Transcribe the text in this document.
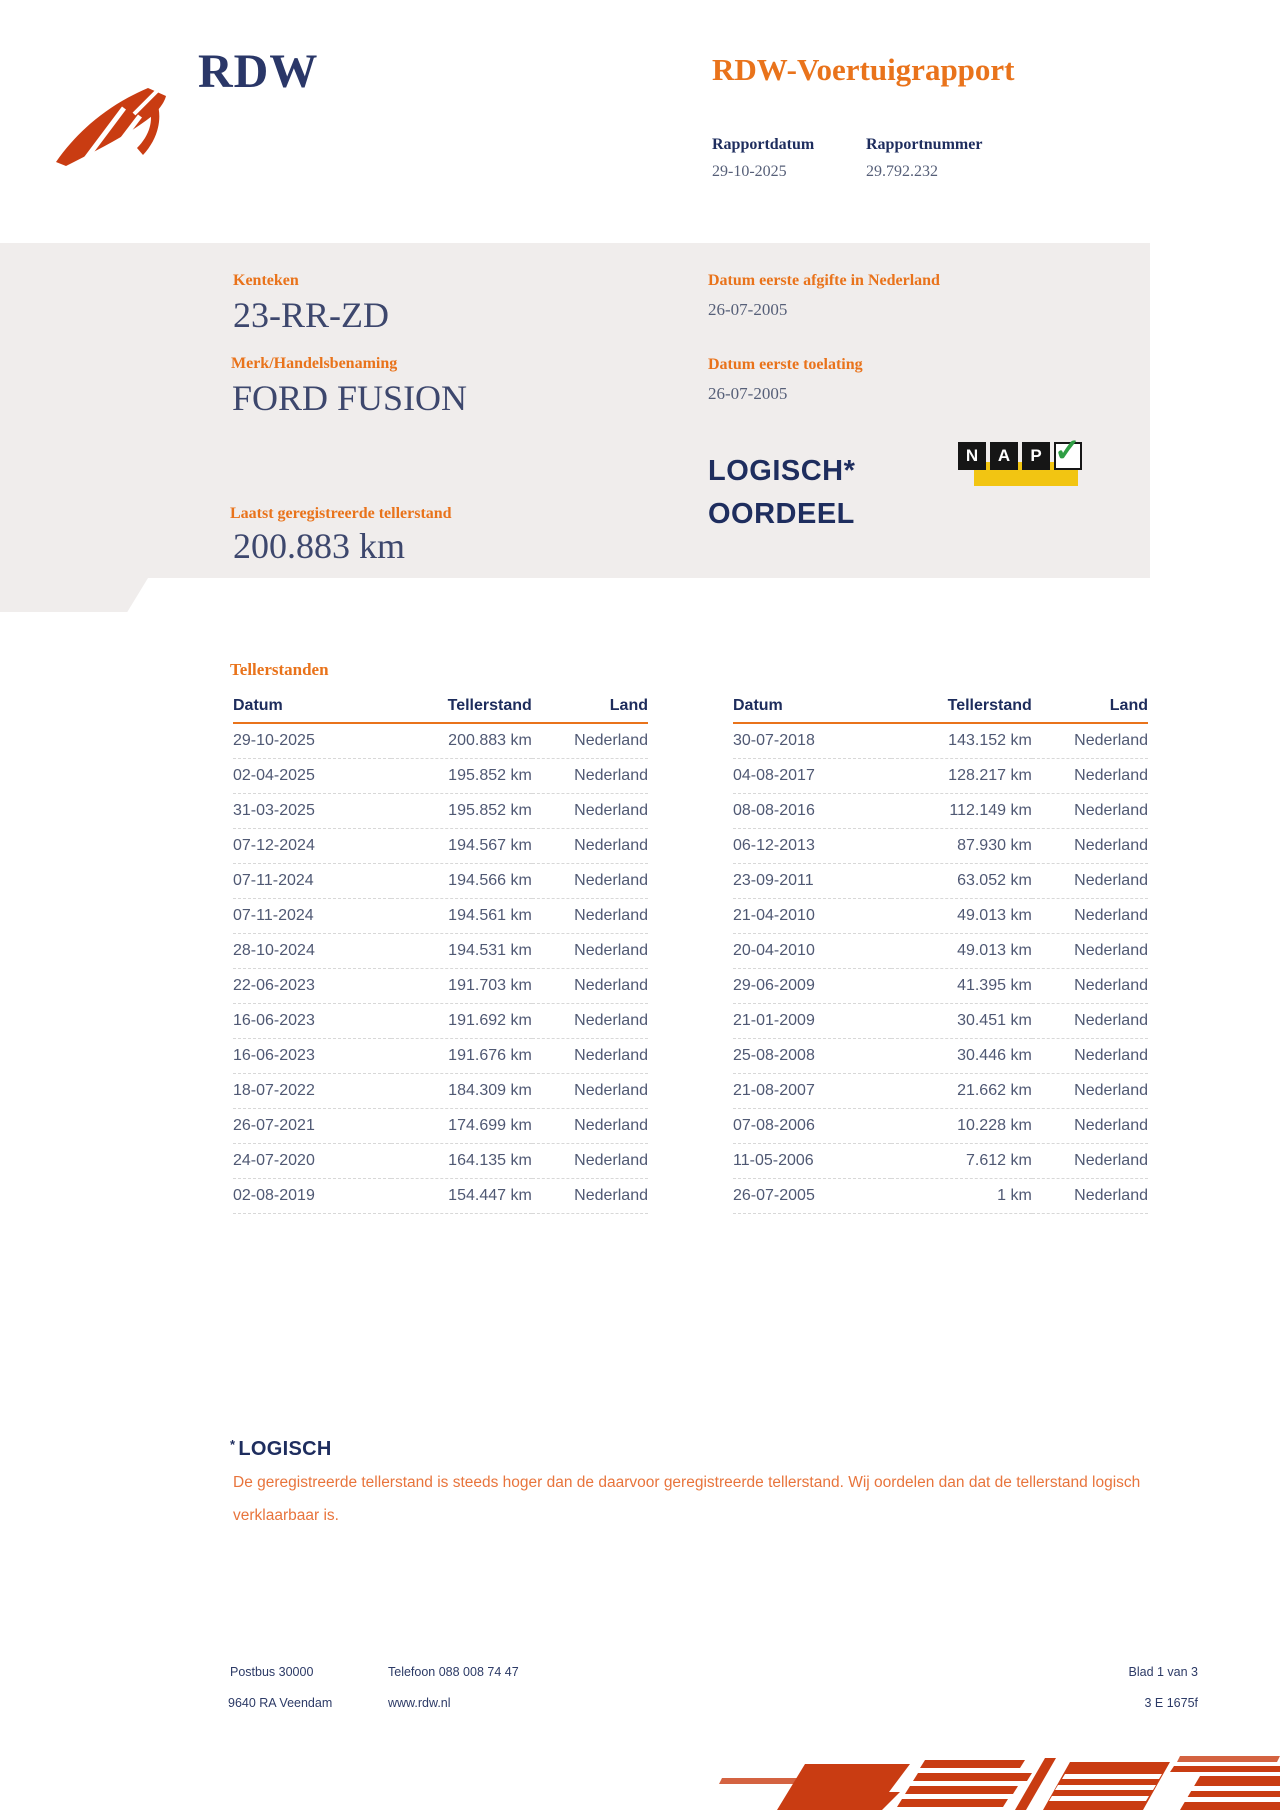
RDW	RDW-Voertuigrapport
Rapportdatum
29-10-2025
Rapportnummer
29.792.232
Kenteken
23-RR-ZD
Merk/Handelsbenaming
FORD FUSION
Datum eerste afgifte in Nederland
26-07-2005
Datum eerste toelating
26-07-2005
Laatst geregistreerde tellerstand
200.883 km
LOGISCH*
OORDEEL
N	A	P ✓
Tellerstanden
Datum	Tellerstand	Land
29-10-2025	200.883 km	Nederland
02-04-2025	195.852 km	Nederland
31-03-2025	195.852 km	Nederland
07-12-2024	194.567 km	Nederland
07-11-2024	194.566 km	Nederland
07-11-2024	194.561 km	Nederland
28-10-2024	194.531 km	Nederland
22-06-2023	191.703 km	Nederland
16-06-2023	191.692 km	Nederland
16-06-2023	191.676 km	Nederland
18-07-2022	184.309 km	Nederland
26-07-2021	174.699 km	Nederland
24-07-2020	164.135 km	Nederland
02-08-2019	154.447 km	Nederland
Datum	Tellerstand	Land
30-07-2018	143.152 km	Nederland
04-08-2017	128.217 km	Nederland
08-08-2016	112.149 km	Nederland
06-12-2013	87.930 km	Nederland
23-09-2011	63.052 km	Nederland
21-04-2010	49.013 km	Nederland
20-04-2010	49.013 km	Nederland
29-06-2009	41.395 km	Nederland
21-01-2009	30.451 km	Nederland
25-08-2008	30.446 km	Nederland
21-08-2007	21.662 km	Nederland
07-08-2006	10.228 km	Nederland
11-05-2006	7.612 km	Nederland
26-07-2005	1 km	Nederland
* LOGISCH
De geregistreerde tellerstand is steeds hoger dan de daarvoor geregistreerde tellerstand. Wij oordelen dan dat de tellerstand logisch verklaarbaar is.
Postbus 30000
9640 RA Veendam
Telefoon 088 008 74 47
www.rdw.nl
Blad 1 van 3
3 E 1675f
